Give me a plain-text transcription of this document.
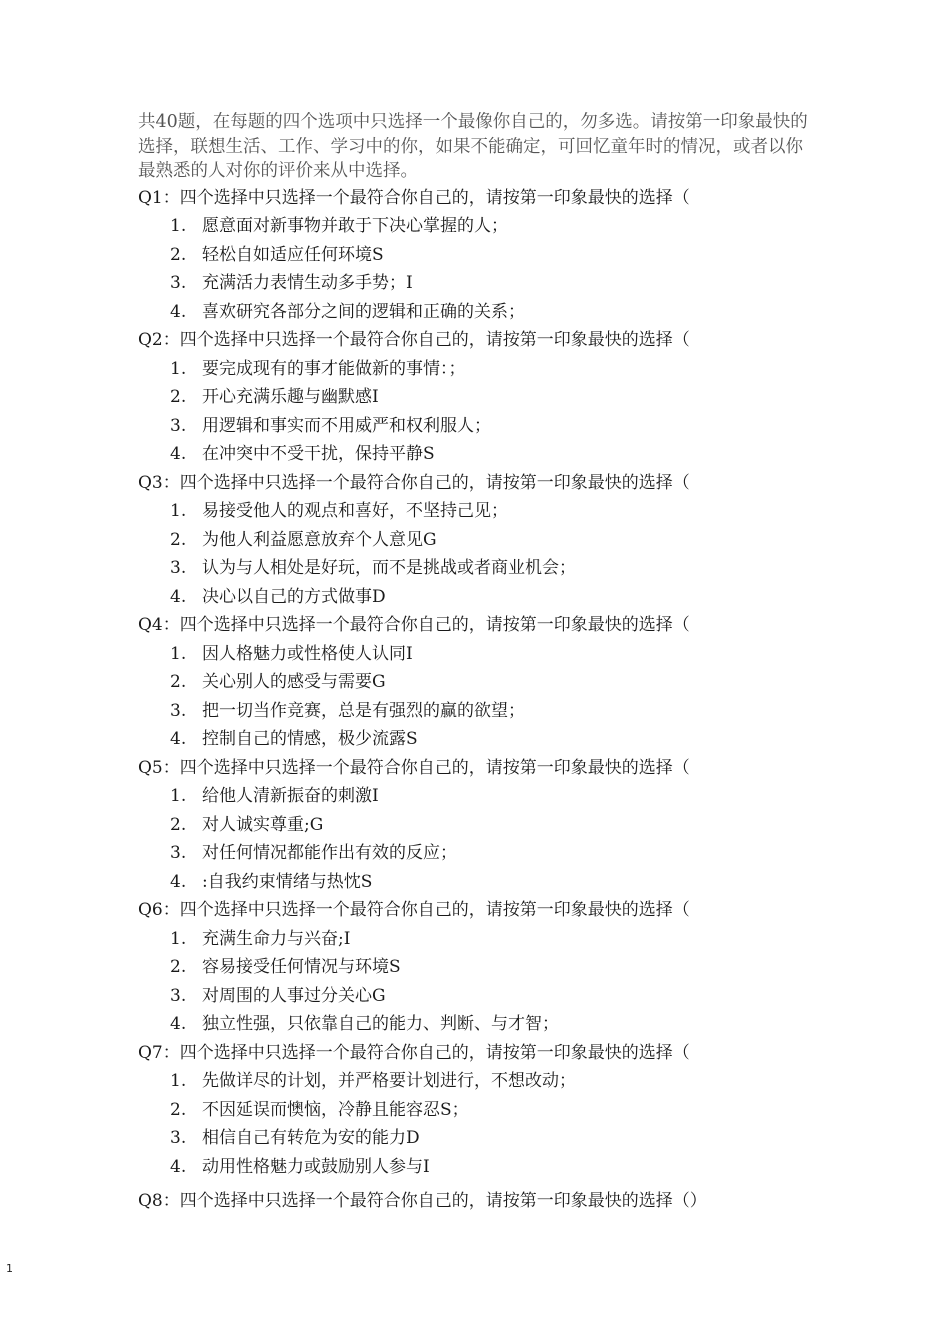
共40题，在每题的四个选项中只选择一个最像你自己的，勿多选。请按第一印象最快的选择，联想生活、工作、学习中的你，如果不能确定，可回忆童年时的情况，或者以你最熟悉的人对你的评价来从中选择。

Q1：四个选择中只选择一个最符合你自己的，请按第一印象最快的选择（

1. 愿意面对新事物并敢于下决心掌握的人；
2. 轻松自如适应任何环境S
3. 充满活力表情生动多手势；I
4. 喜欢研究各部分之间的逻辑和正确的关系；

Q2：四个选择中只选择一个最符合你自己的，请按第一印象最快的选择（

1. 要完成现有的事才能做新的事情：；
2. 开心充满乐趣与幽默感I
3. 用逻辑和事实而不用威严和权利服人；
4. 在冲突中不受干扰，保持平静S

Q3：四个选择中只选择一个最符合你自己的，请按第一印象最快的选择（

1. 易接受他人的观点和喜好，不坚持己见；
2. 为他人利益愿意放弃个人意见G
3. 认为与人相处是好玩，而不是挑战或者商业机会；
4. 决心以自己的方式做事D

Q4：四个选择中只选择一个最符合你自己的，请按第一印象最快的选择（

1. 因人格魅力或性格使人认同I
2. 关心别人的感受与需要G
3. 把一切当作竞赛，总是有强烈的赢的欲望；
4. 控制自己的情感，极少流露S

Q5：四个选择中只选择一个最符合你自己的，请按第一印象最快的选择（

1. 给他人清新振奋的刺激I
2. 对人诚实尊重;G
3. 对任何情况都能作出有效的反应；
4. :自我约束情绪与热忱S

Q6：四个选择中只选择一个最符合你自己的，请按第一印象最快的选择（

1. 充满生命力与兴奋;I
2. 容易接受任何情况与环境S
3. 对周围的人事过分关心G
4. 独立性强，只依靠自己的能力、判断、与才智；

Q7：四个选择中只选择一个最符合你自己的，请按第一印象最快的选择（

1. 先做详尽的计划，并严格要计划进行，不想改动；
2. 不因延误而懊恼，冷静且能容忍S；
3. 相信自己有转危为安的能力D
4. 动用性格魅力或鼓励别人参与I

Q8：四个选择中只选择一个最符合你自己的，请按第一印象最快的选择（）

1
